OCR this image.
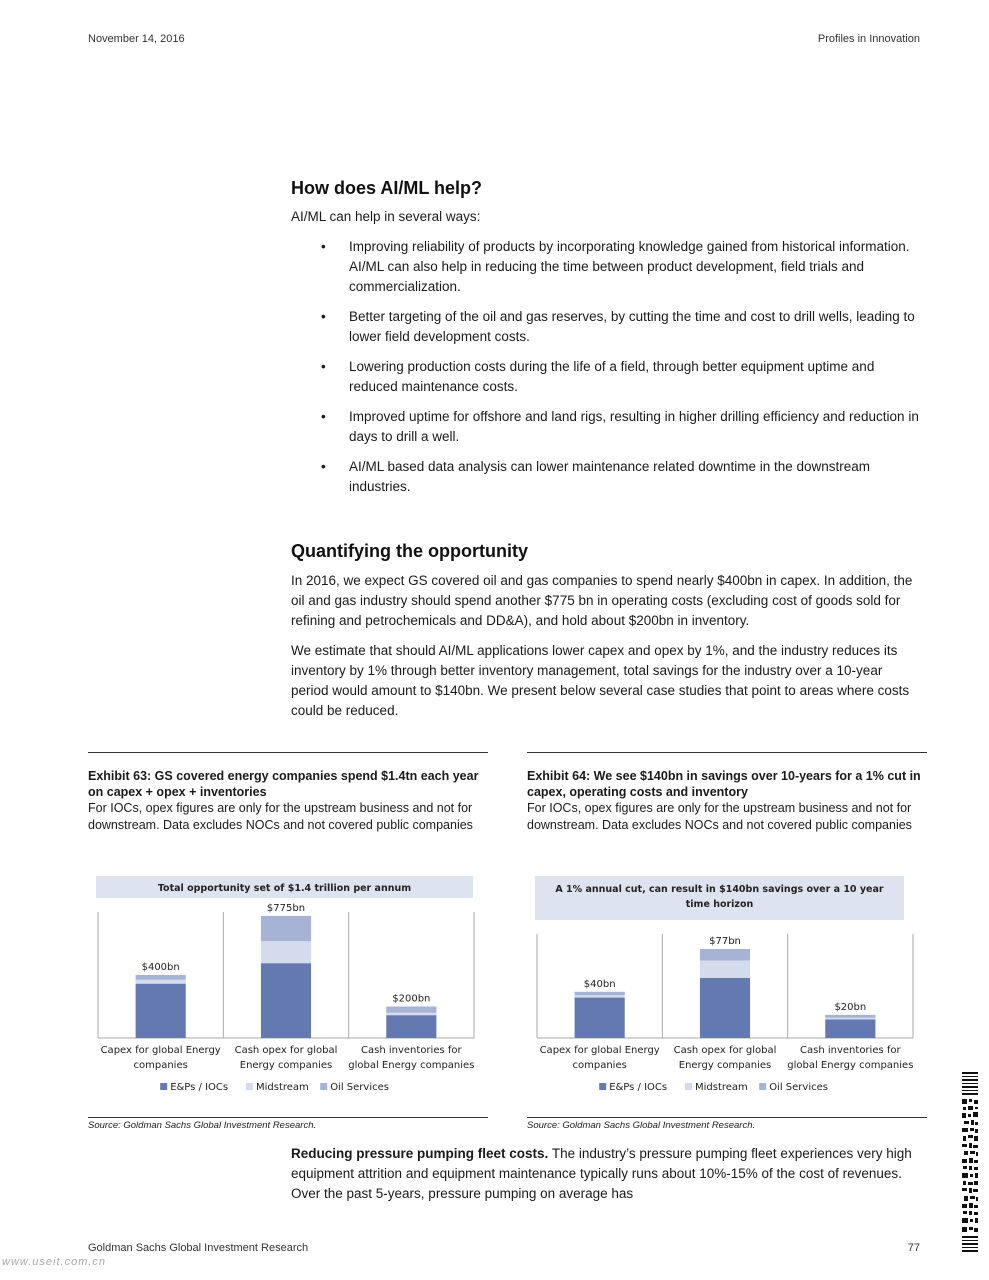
November 14, 2016	Profiles in Innovation
How does AI/ML help?

AI/ML can help in several ways:

• Improving reliability of products by incorporating knowledge gained from historical information. AI/ML can also help in reducing the time between product development, field trials and commercialization.
• Better targeting of the oil and gas reserves, by cutting the time and cost to drill wells, leading to lower field development costs.
• Lowering production costs during the life of a field, through better equipment uptime and reduced maintenance costs.
• Improved uptime for offshore and land rigs, resulting in higher drilling efficiency and reduction in days to drill a well.
• AI/ML based data analysis can lower maintenance related downtime in the downstream industries.
Quantifying the opportunity

In 2016, we expect GS covered oil and gas companies to spend nearly $400bn in capex. In addition, the oil and gas industry should spend another $775 bn in operating costs (excluding cost of goods sold for refining and petrochemicals and DD&A), and hold about $200bn in inventory.

We estimate that should AI/ML applications lower capex and opex by 1%, and the industry reduces its inventory by 1% through better inventory management, total savings for the industry over a 10-year period would amount to $140bn. We present below several case studies that point to areas where costs could be reduced.

Exhibit 63: GS covered energy companies spend $1.4tn each year on capex + opex + inventories
For IOCs, opex figures are only for the upstream business and not for downstream. Data excludes NOCs and not covered public companies
Total opportunity set of $1.4 trillion per annum
$400bn
Capex for global Energy
companies
$775bn
Cash opex for global
Energy companies
$200bn
Cash inventories for
global Energy companies
E&Ps / IOCs	Midstream Oil Services
Source: Goldman Sachs Global Investment Research.
Exhibit 64: We see $140bn in savings over 10-years for a 1% cut in capex, operating costs and inventory
For IOCs, opex figures are only for the upstream business and not for downstream. Data excludes NOCs and not covered public companies
A 1% annual cut, can result in $140bn savings over a 10 year
time horizon
$40bn
Capex for global Energy
companies
$77bn
Cash opex for global
Energy companies
$20bn
Cash inventories for
global Energy companies
E&Ps / IOCs	Midstream Oil Services
Source: Goldman Sachs Global Investment Research.

Reducing pressure pumping fleet costs. The industry’s pressure pumping fleet experiences very high equipment attrition and equipment maintenance typically runs about 10%-15% of the cost of revenues. Over the past 5-years, pressure pumping on average has

Goldman Sachs Global Investment Research	77
www.useit.com.cn
